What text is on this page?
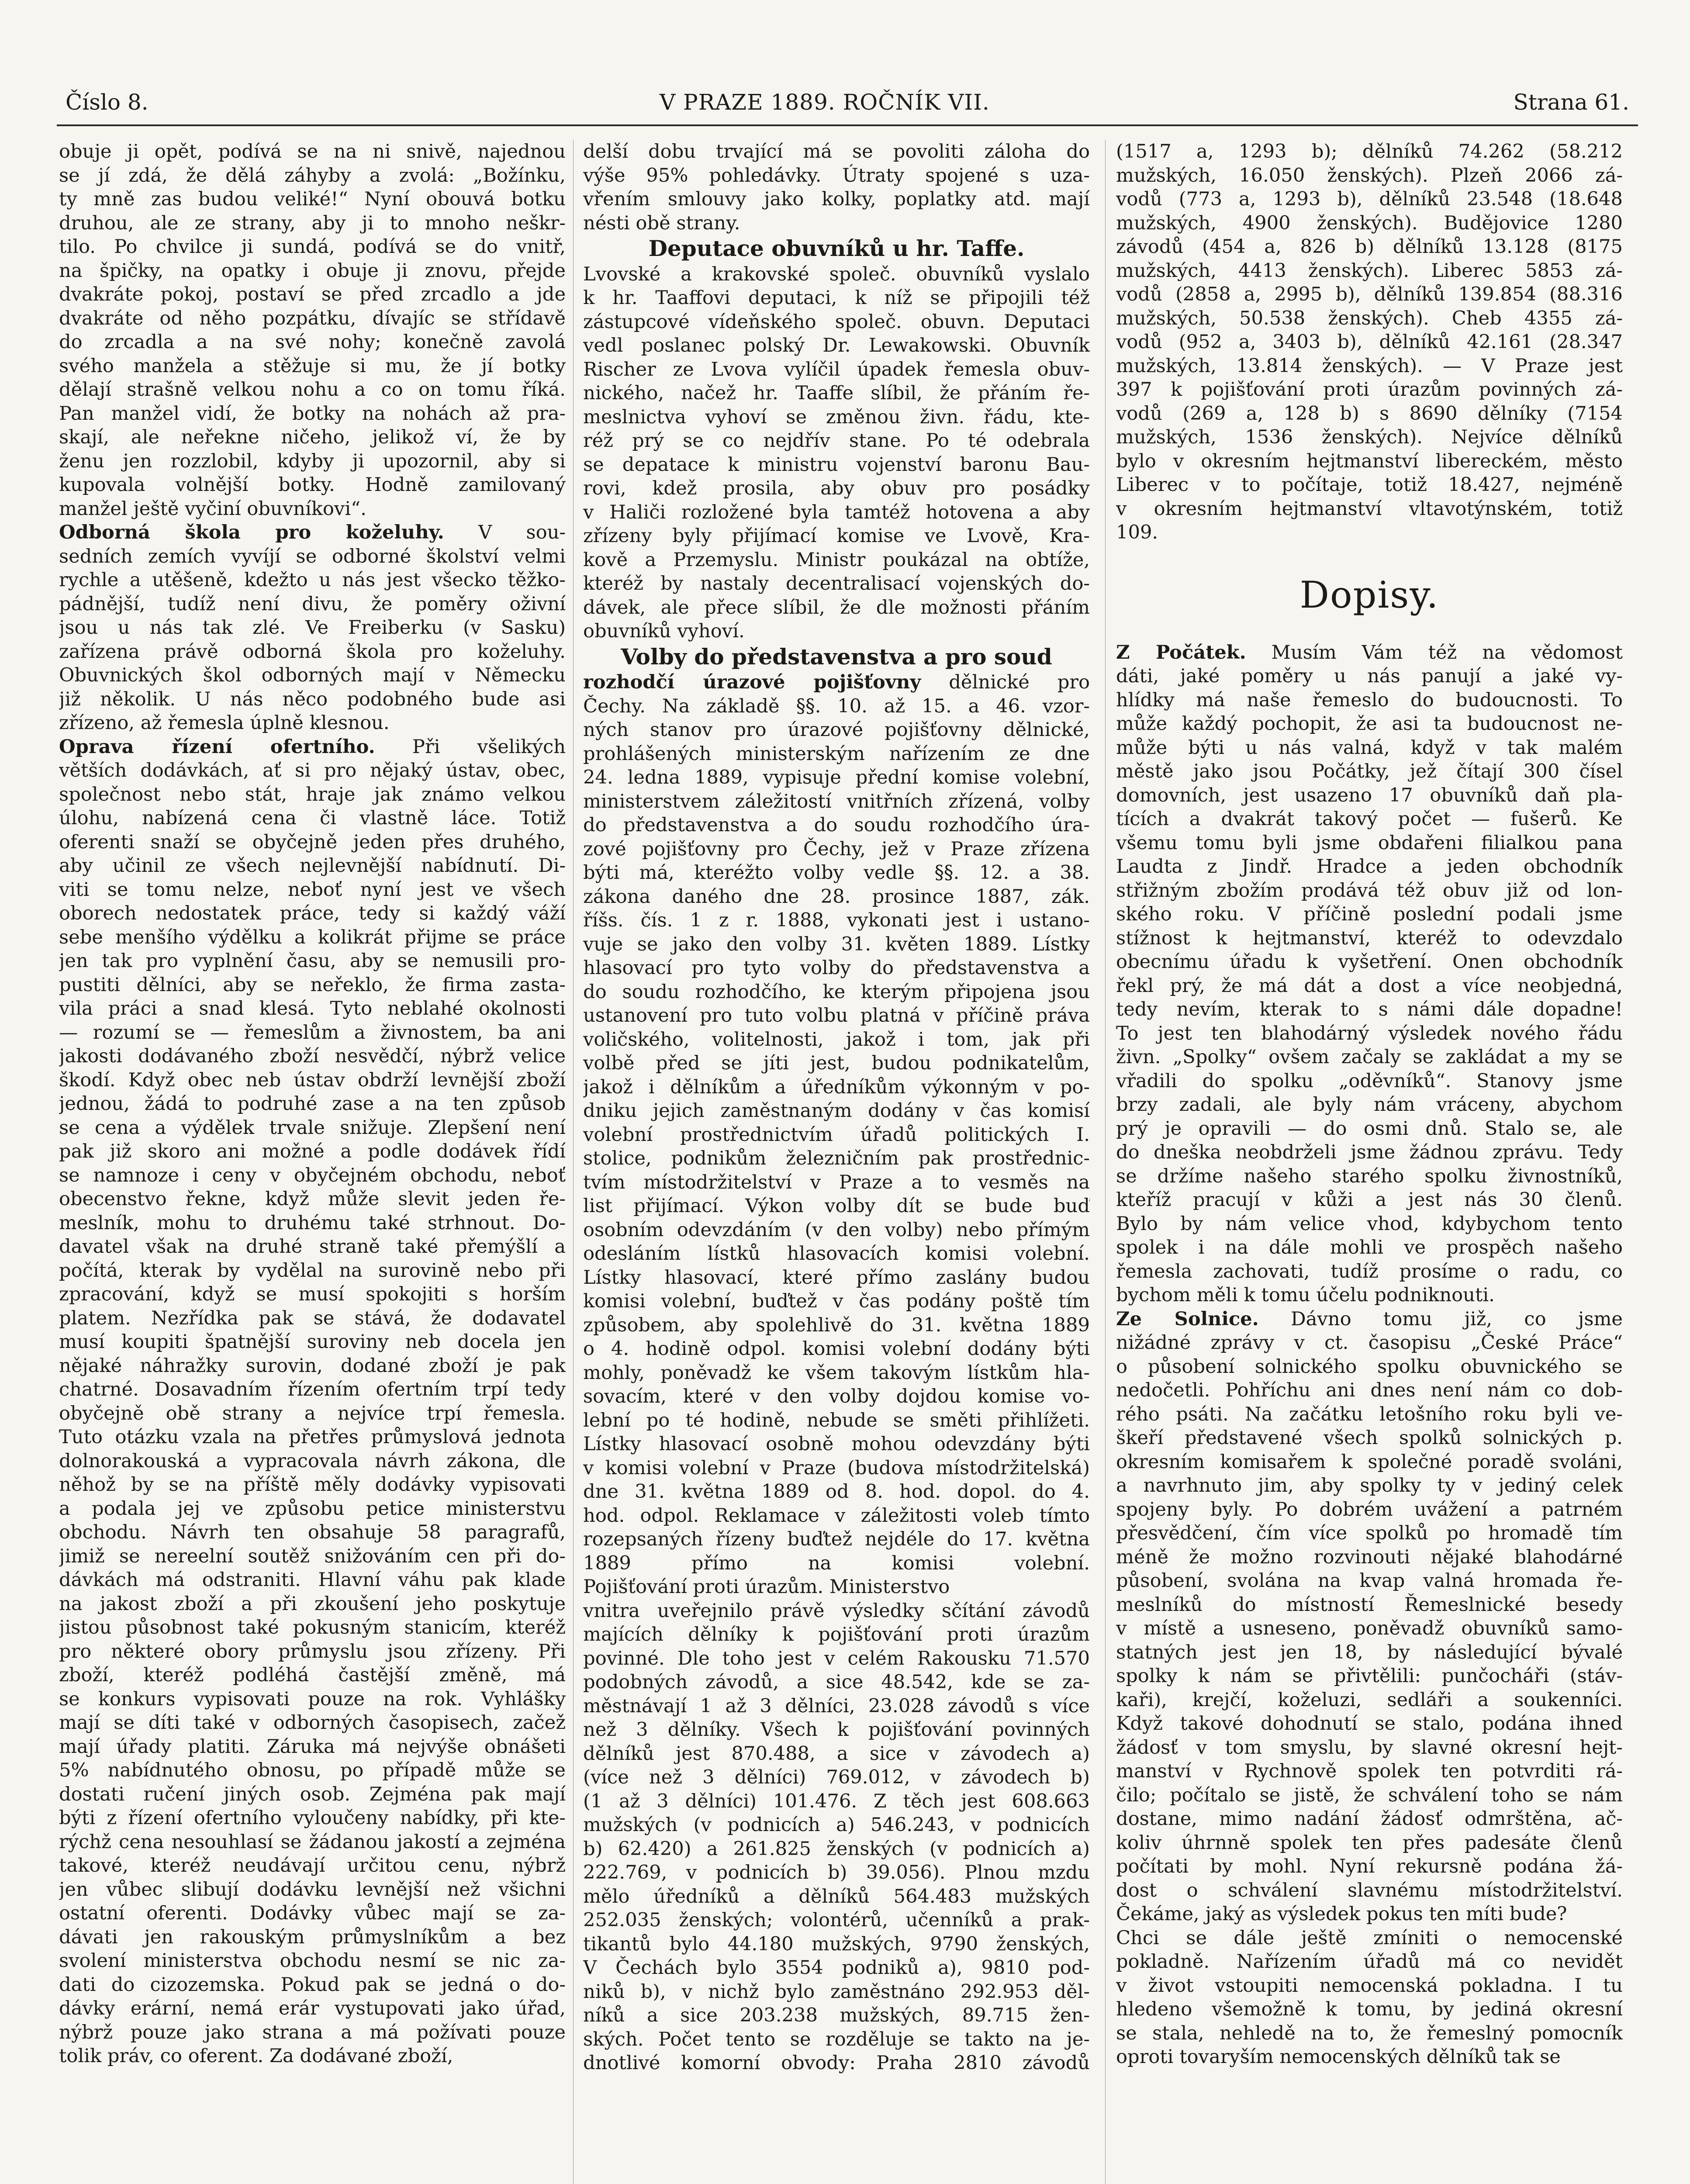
Číslo 8.	V PRAZE 1889. ROČNÍK VII.	Strana 61.
obuje ji opět, podívá se na ni snivě, najednou
se jí zdá, že dělá záhyby a zvolá: „Božínku,
ty mně zas budou veliké!“ Nyní obouvá botku
druhou, ale ze strany, aby ji to mnoho neškr-
tilo. Po chvilce ji sundá, podívá se do vnitř,
na špičky, na opatky i obuje ji znovu, přejde
dvakráte pokoj, postaví se před zrcadlo a jde
dvakráte od něho pozpátku, dívajíc se střídavě
do zrcadla a na své nohy; konečně zavolá
svého manžela a stěžuje si mu, že jí botky
dělají strašně velkou nohu a co on tomu říká.
Pan manžel vidí, že botky na nohách až pra-
skají, ale neřekne ničeho, jelikož ví, že by
ženu jen rozzlobil, kdyby ji upozornil, aby si
kupovala volnější botky. Hodně zamilovaný
manžel ještě vyčiní obuvníkovi“.
Odborná škola pro koželuhy. V sou-
sedních zemích vyvíjí se odborné školství velmi
rychle a utěšeně, kdežto u nás jest všecko těžko-
pádnější, tudíž není divu, že poměry oživní
jsou u nás tak zlé. Ve Freiberku (v Sasku)
zařízena právě odborná škola pro koželuhy.
Obuvnických škol odborných mají v Německu
již několik. U nás něco podobného bude asi
zřízeno, až řemesla úplně klesnou.
Oprava řízení ofertního. Při všelikých
větších dodávkách, ať si pro nějaký ústav, obec,
společnost nebo stát, hraje jak známo velkou
úlohu, nabízená cena či vlastně láce. Totiž
oferenti snaží se obyčejně jeden přes druhého,
aby učinil ze všech nejlevnější nabídnutí. Di-
viti se tomu nelze, neboť nyní jest ve všech
oborech nedostatek práce, tedy si každý váží
sebe menšího výdělku a kolikrát přijme se práce
jen tak pro vyplnění času, aby se nemusili pro-
pustiti dělníci, aby se neřeklo, že firma zasta-
vila práci a snad klesá. Tyto neblahé okolnosti
— rozumí se — řemeslům a živnostem, ba ani
jakosti dodávaného zboží nesvědčí, nýbrž velice
škodí. Když obec neb ústav obdrží levnější zboží
jednou, žádá to podruhé zase a na ten způsob
se cena a výdělek trvale snižuje. Zlepšení není
pak již skoro ani možné a podle dodávek řídí
se namnoze i ceny v obyčejném obchodu, neboť
obecenstvo řekne, když může slevit jeden ře-
meslník, mohu to druhému také strhnout. Do-
davatel však na druhé straně také přemýšlí a
počítá, kterak by vydělal na surovině nebo při
zpracování, když se musí spokojiti s horším
platem. Nezřídka pak se stává, že dodavatel
musí koupiti špatnější suroviny neb docela jen
nějaké náhražky surovin, dodané zboží je pak
chatrné. Dosavadním řízením ofertním trpí tedy
obyčejně obě strany a nejvíce trpí řemesla.
Tuto otázku vzala na přetřes průmyslová jednota
dolnorakouská a vypracovala návrh zákona, dle
něhož by se na příště měly dodávky vypisovati
a podala jej ve způsobu petice ministerstvu
obchodu. Návrh ten obsahuje 58 paragrafů,
jimiž se nereelní soutěž snižováním cen při do-
dávkách má odstraniti. Hlavní váhu pak klade
na jakost zboží a při zkoušení jeho poskytuje
jistou působnost také pokusným stanicím, kteréž
pro některé obory průmyslu jsou zřízeny. Při
zboží, kteréž podléhá častější změně, má
se konkurs vypisovati pouze na rok. Vyhlášky
mají se díti také v odborných časopisech, začež
mají úřady platiti. Záruka má nejvýše obnášeti
5% nabídnutého obnosu, po případě může se
dostati ručení jiných osob. Zejména pak mají
býti z řízení ofertního vyloučeny nabídky, při kte-
rýchž cena nesouhlasí se žádanou jakostí a zejména
takové, kteréž neudávají určitou cenu, nýbrž
jen vůbec slibují dodávku levnější než všichni
ostatní oferenti. Dodávky vůbec mají se za-
dávati jen rakouským průmyslníkům a bez
svolení ministerstva obchodu nesmí se nic za-
dati do cizozemska. Pokud pak se jedná o do-
dávky erární, nemá erár vystupovati jako úřad,
nýbrž pouze jako strana a má požívati pouze
tolik práv, co oferent. Za dodávané zboží,
delší dobu trvající má se povoliti záloha do
výše 95% pohledávky. Útraty spojené s uza-
vřením smlouvy jako kolky, poplatky atd. mají
nésti obě strany.
Deputace obuvníků u hr. Taffe.
Lvovské a krakovské společ. obuvníků vyslalo
k hr. Taaffovi deputaci, k níž se připojili též
zástupcové vídeňského společ. obuvn. Deputaci
vedl poslanec polský Dr. Lewakowski. Obuvník
Rischer ze Lvova vylíčil úpadek řemesla obuv-
nického, načež hr. Taaffe slíbil, že přáním ře-
meslnictva vyhoví se změnou živn. řádu, kte-
réž prý se co nejdřív stane. Po té odebrala
se depatace k ministru vojenství baronu Bau-
rovi, kdež prosila, aby obuv pro posádky
v Haliči rozložené byla tamtéž hotovena a aby
zřízeny byly přijímací komise ve Lvově, Kra-
kově a Przemyslu. Ministr poukázal na obtíže,
kteréž by nastaly decentralisací vojenských do-
dávek, ale přece slíbil, že dle možnosti přáním
obuvníků vyhoví.
Volby do představenstva a pro soud
rozhodčí úrazové pojišťovny dělnické pro
Čechy. Na základě §§. 10. až 15. a 46. vzor-
ných stanov pro úrazové pojišťovny dělnické,
prohlášených ministerským nařízením ze dne
24. ledna 1889, vypisuje přední komise volební,
ministerstvem záležitostí vnitřních zřízená, volby
do představenstva a do soudu rozhodčího úra-
zové pojišťovny pro Čechy, jež v Praze zřízena
býti má, kteréžto volby vedle §§. 12. a 38.
zákona daného dne 28. prosince 1887, zák.
říšs. čís. 1 z r. 1888, vykonati jest i ustano-
vuje se jako den volby 31. květen 1889. Lístky
hlasovací pro tyto volby do představenstva a
do soudu rozhodčího, ke kterým připojena jsou
ustanovení pro tuto volbu platná v příčině práva
voličského, volitelnosti, jakož i tom, jak při
volbě před se jíti jest, budou podnikatelům,
jakož i dělníkům a úředníkům výkonným v po-
dniku jejich zaměstnaným dodány v čas komisí
volební prostřednictvím úřadů politických I.
stolice, podnikům železničním pak prostřednic-
tvím místodržitelství v Praze a to vesměs na
list přijímací. Výkon volby dít se bude buď
osobním odevzdáním (v den volby) nebo přímým
odesláním lístků hlasovacích komisi volební.
Lístky hlasovací, které přímo zaslány budou
komisi volební, buďtež v čas podány poště tím
způsobem, aby spolehlivě do 31. května 1889
o 4. hodině odpol. komisi volební dodány býti
mohly, poněvadž ke všem takovým lístkům hla-
sovacím, které v den volby dojdou komise vo-
lební po té hodině, nebude se směti přihlížeti.
Lístky hlasovací osobně mohou odevzdány býti
v komisi volební v Praze (budova místodržitelská)
dne 31. května 1889 od 8. hod. dopol. do 4.
hod. odpol. Reklamace v záležitosti voleb tímto
rozepsaných řízeny buďtež nejdéle do 17. května
1889 přímo na komisi volební.
Pojišťování proti úrazům. Ministerstvo
vnitra uveřejnilo právě výsledky sčítání závodů
majících dělníky k pojišťování proti úrazům
povinné. Dle toho jest v celém Rakousku 71.570
podobných závodů, a sice 48.542, kde se za-
městnávají 1 až 3 dělníci, 23.028 závodů s více
než 3 dělníky. Všech k pojišťování povinných
dělníků jest 870.488, a sice v závodech a)
(více než 3 dělníci) 769.012, v závodech b)
(1 až 3 dělníci) 101.476. Z těch jest 608.663
mužských (v podnicích a) 546.243, v podnicích
b) 62.420) a 261.825 ženských (v podnicích a)
222.769, v podnicích b) 39.056). Plnou mzdu
mělo úředníků a dělníků 564.483 mužských
252.035 ženských; volontérů, učenníků a prak-
tikantů bylo 44.180 mužských, 9790 ženských,
V Čechách bylo 3554 podniků a), 9810 pod-
niků b), v nichž bylo zaměstnáno 292.953 děl-
níků a sice 203.238 mužských, 89.715 žen-
ských. Počet tento se rozděluje se takto na je-
dnotlivé komorní obvody: Praha 2810 závodů
(1517 a, 1293 b); dělníků 74.262 (58.212
mužských, 16.050 ženských). Plzeň 2066 zá-
vodů (773 a, 1293 b), dělníků 23.548 (18.648
mužských, 4900 ženských). Budějovice 1280
závodů (454 a, 826 b) dělníků 13.128 (8175
mužských, 4413 ženských). Liberec 5853 zá-
vodů (2858 a, 2995 b), dělníků 139.854 (88.316
mužských, 50.538 ženských). Cheb 4355 zá-
vodů (952 a, 3403 b), dělníků 42.161 (28.347
mužských, 13.814 ženských). — V Praze jest
397 k pojišťování proti úrazům povinných zá-
vodů (269 a, 128 b) s 8690 dělníky (7154
mužských, 1536 ženských). Nejvíce dělníků
bylo v okresním hejtmanství libereckém, město
Liberec v to počítaje, totiž 18.427, nejméně
v okresním hejtmanství vltavotýnském, totiž
109.
Dopisy.
Z Počátek. Musím Vám též na vědomost
dáti, jaké poměry u nás panují a jaké vy-
hlídky má naše řemeslo do budoucnosti. To
může každý pochopit, že asi ta budoucnost ne-
může býti u nás valná, když v tak malém
městě jako jsou Počátky, jež čítají 300 čísel
domovních, jest usazeno 17 obuvníků daň pla-
tících a dvakrát takový počet — fušerů. Ke
všemu tomu byli jsme obdařeni filialkou pana
Laudta z Jindř. Hradce a jeden obchodník
střižným zbožím prodává též obuv již od lon-
ského roku. V příčině poslední podali jsme
stížnost k hejtmanství, kteréž to odevzdalo
obecnímu úřadu k vyšetření. Onen obchodník
řekl prý, že má dát a dost a více neobjedná,
tedy nevím, kterak to s námi dále dopadne!
To jest ten blahodárný výsledek nového řádu
živn. „Spolky“ ovšem začaly se zakládat a my se
vřadili do spolku „oděvníků“. Stanovy jsme
brzy zadali, ale byly nám vráceny, abychom
prý je opravili — do osmi dnů. Stalo se, ale
do dneška neobdrželi jsme žádnou zprávu. Tedy
se držíme našeho starého spolku živnostníků,
kteříž pracují v kůži a jest nás 30 členů.
Bylo by nám velice vhod, kdybychom tento
spolek i na dále mohli ve prospěch našeho
řemesla zachovati, tudíž prosíme o radu, co
bychom měli k tomu účelu podniknouti.
Ze Solnice. Dávno tomu již, co jsme
nižádné zprávy v ct. časopisu „České Práce“
o působení solnického spolku obuvnického se
nedočetli. Pohříchu ani dnes není nám co dob-
rého psáti. Na začátku letošního roku byli ve-
škeří představené všech spolků solnických p.
okresním komisařem k společné poradě svoláni,
a navrhnuto jim, aby spolky ty v jediný celek
spojeny byly. Po dobrém uvážení a patrném
přesvědčení, čím více spolků po hromadě tím
méně že možno rozvinouti nějaké blahodárné
působení, svolána na kvap valná hromada ře-
meslníků do místností Řemeslnické besedy
v místě a usneseno, poněvadž obuvníků samo-
statných jest jen 18, by následující bývalé
spolky k nám se přivtělili: punčocháři (stáv-
kaři), krejčí, koželuzi, sedláři a soukenníci.
Když takové dohodnutí se stalo, podána ihned
žádosť v tom smyslu, by slavné okresní hejt-
manství v Rychnově spolek ten potvrditi rá-
čilo; počítalo se jistě, že schválení toho se nám
dostane, mimo nadání žádosť odmrštěna, ač-
koliv úhrnně spolek ten přes padesáte členů
počítati by mohl. Nyní rekursně podána žá-
dost o schválení slavnému místodržitelství.
Čekáme, jaký as výsledek pokus ten míti bude?
Chci se dále ještě zmíniti o nemocenské
pokladně. Nařízením úřadů má co nevidět
v život vstoupiti nemocenská pokladna. I tu
hledeno všemožně k tomu, by jediná okresní
se stala, nehledě na to, že řemeslný pomocník
oproti tovaryším nemocenských dělníků tak se
